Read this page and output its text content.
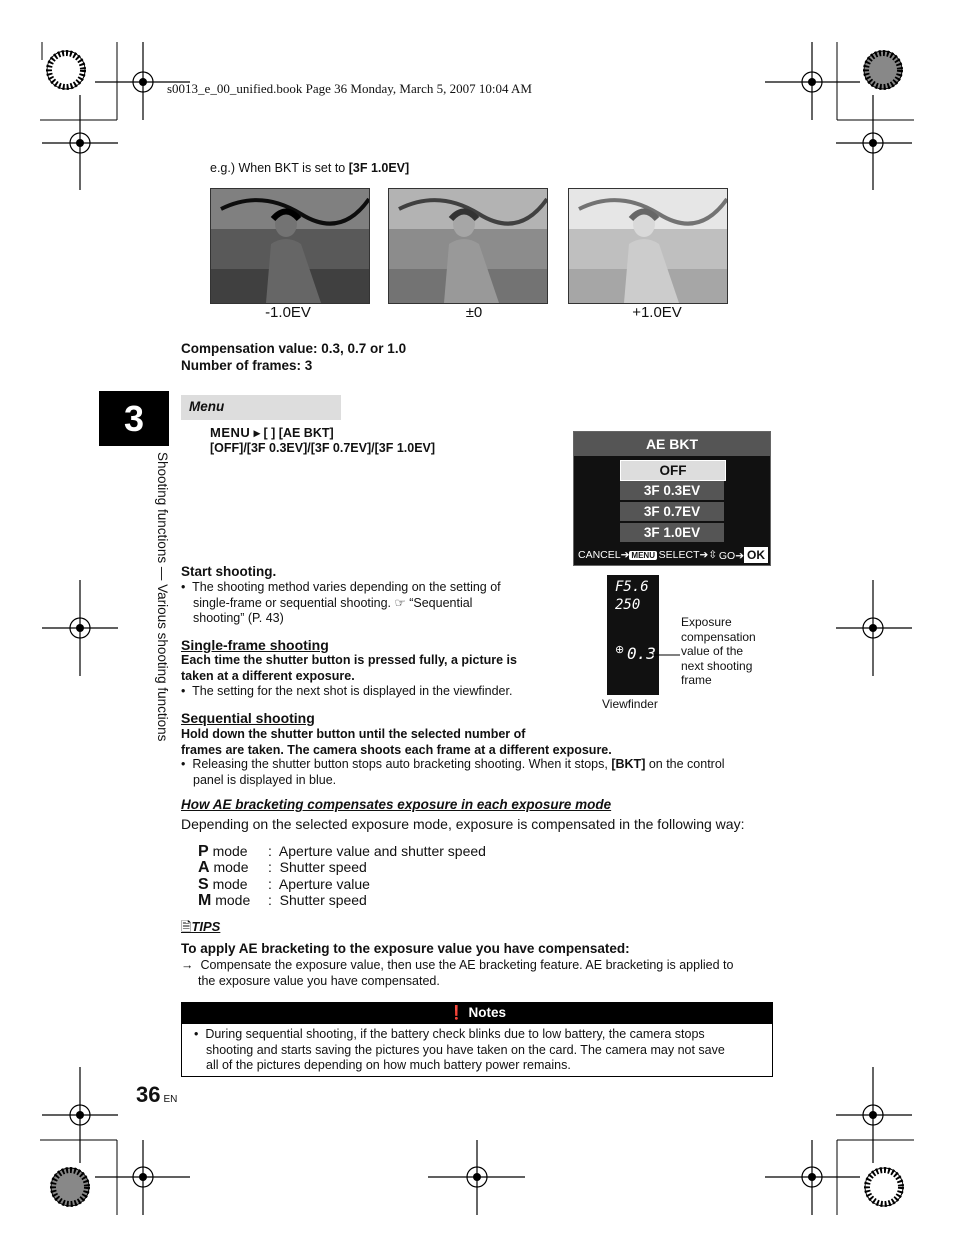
s0013_e_00_unified.book Page 36 Monday, March 5, 2007 10:04 AM
e.g.) When BKT is set to [3F 1.0EV]
-1.0EV	±0	+1.0EV
Compensation value: 0.3, 0.7 or 1.0
Number of frames: 3
3
Shooting functions — Various shooting functions
Menu
MENU ▸ [ ] [AE BKT]
[OFF]/[3F 0.3EV]/[3F 0.7EV]/[3F 1.0EV]	AE BKT
OFF
3F 0.3EV
3F 0.7EV
3F 1.0EV
CANCEL➔ MENU SELECT➔⇳ GO➔ OK
F5.6
250
⊕ 0.3
Exposure
compensation
value of the
next shooting
frame
Viewfinder
Start shooting.
•  The shooting method varies depending on the setting of
single-frame or sequential shooting. ☞ “Sequential
shooting” (P. 43)
Single-frame shooting
Each time the shutter button is pressed fully, a picture is
taken at a different exposure.
•  The setting for the next shot is displayed in the viewfinder.
Sequential shooting
Hold down the shutter button until the selected number of
frames are taken. The camera shoots each frame at a different exposure.
•  Releasing the shutter button stops auto bracketing shooting. When it stops, [BKT] on the control
panel is displayed in blue.
How AE bracketing compensates exposure in each exposure mode
Depending on the selected exposure mode, exposure is compensated in the following way:
P mode :  Aperture value and shutter speed
A mode :  Shutter speed
S mode :  Aperture value
M mode :  Shutter speed
🗎TIPS
To apply AE bracketing to the exposure value you have compensated:
→ Compensate the exposure value, then use the AE bracketing feature. AE bracketing is applied to
the exposure value you have compensated.
❗ Notes
•  During sequential shooting, if the battery check blinks due to low battery, the camera stops
shooting and starts saving the pictures you have taken on the card. The camera may not save
all of the pictures depending on how much battery power remains.
36 EN
